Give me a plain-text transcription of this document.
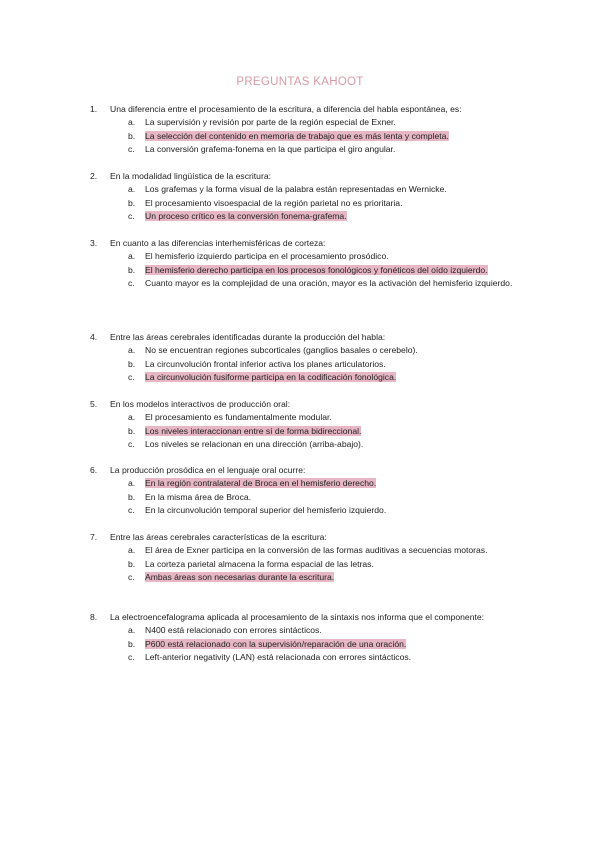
PREGUNTAS KAHOOT
1. Una diferencia entre el procesamiento de la escritura, a diferencia del habla espontánea, es:
a. La supervisión y revisión por parte de la región especial de Exner.
b. La selección del contenido en memoria de trabajo que es más lenta y completa.
c. La conversión grafema-fonema en la que participa el giro angular.
2. En la modalidad lingüística de la escritura:
a. Los grafemas y la forma visual de la palabra están representadas en Wernicke.
b. El procesamiento visoespacial de la región parietal no es prioritaria.
c. Un proceso crítico es la conversión fonema-grafema.
3. En cuanto a las diferencias interhemisféricas de corteza:
a. El hemisferio izquierdo participa en el procesamiento prosódico.
b. El hemisferio derecho participa en los procesos fonológicos y fonéticos del oído izquierdo.
c. Cuanto mayor es la complejidad de una oración, mayor es la activación del hemisferio izquierdo.
4. Entre las áreas cerebrales identificadas durante la producción del habla:
a. No se encuentran regiones subcorticales (ganglios basales o cerebelo).
b. La circunvolución frontal inferior activa los planes articulatorios.
c. La circunvolución fusiforme participa en la codificación fonológica.
5. En los modelos interactivos de producción oral:
a. El procesamiento es fundamentalmente modular.
b. Los niveles interaccionan entre sí de forma bidireccional.
c. Los niveles se relacionan en una dirección (arriba-abajo).
6. La producción prosódica en el lenguaje oral ocurre:
a. En la región contralateral de Broca en el hemisferio derecho.
b. En la misma área de Broca.
c. En la circunvolución temporal superior del hemisferio izquierdo.
7. Entre las áreas cerebrales características de la escritura:
a. El área de Exner participa en la conversión de las formas auditivas a secuencias motoras.
b. La corteza parietal almacena la forma espacial de las letras.
c. Ambas áreas son necesarias durante la escritura.
8. La electroencefalograma aplicada al procesamiento de la sintaxis nos informa que el componente:
a. N400 está relacionado con errores sintácticos.
b. P600 está relacionado con la supervisión/reparación de una oración.
c. Left-anterior negativity (LAN) está relacionada con errores sintácticos.
